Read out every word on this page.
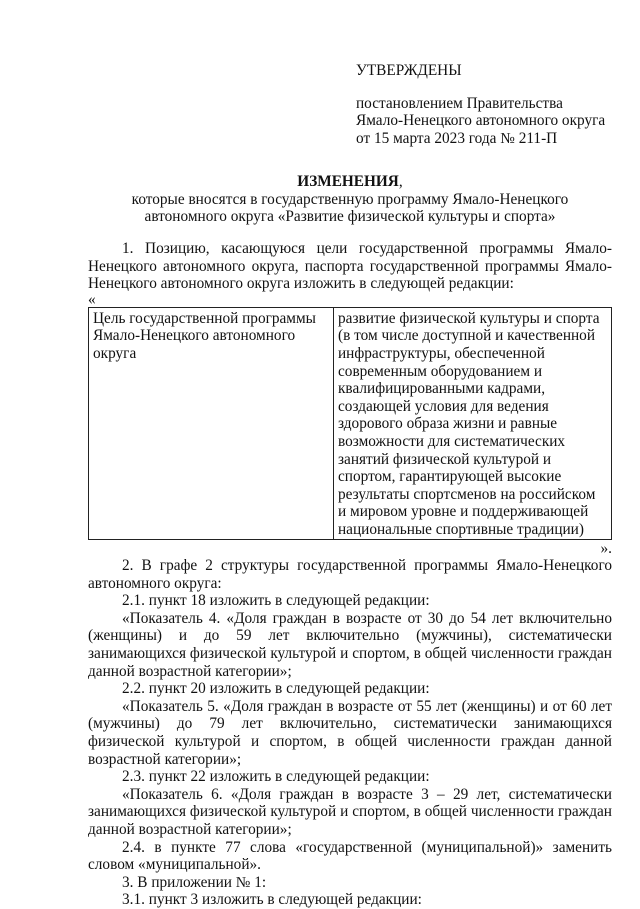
УТВЕРЖДЕНЫ
постановлением Правительства
Ямало-Ненецкого автономного округа
от 15 марта 2023 года № 211-П
ИЗМЕНЕНИЯ,
которые вносятся в государственную программу Ямало-Ненецкого
автономного округа «Развитие физической культуры и спорта»

1. Позицию, касающуюся цели государственной программы Ямало-Ненецкого автономного округа, паспорта государственной программы Ямало-Ненецкого автономного округа изложить в следующей редакции:

«

Цель государственной программы Ямало-Ненецкого автономного округа	развитие физической культуры и спорта (в том числе доступной и качественной инфраструктуры, обеспеченной современным оборудованием и квалифицированными кадрами, создающей условия для ведения здорового образа жизни и равные возможности для систематических занятий физической культурой и спортом, гарантирующей высокие результаты спортсменов на российском и мировом уровне и поддерживающей национальные спортивные традиции)

».

2. В графе 2 структуры государственной программы Ямало-Ненецкого автономного округа:

2.1. пункт 18 изложить в следующей редакции:

«Показатель 4. «Доля граждан в возрасте от 30 до 54 лет включительно (женщины) и до 59 лет включительно (мужчины), систематически занимающихся физической культурой и спортом, в общей численности граждан данной возрастной категории»;

2.2. пункт 20 изложить в следующей редакции:

«Показатель 5. «Доля граждан в возрасте от 55 лет (женщины) и от 60 лет (мужчины) до 79 лет включительно, систематически занимающихся физической культурой и спортом, в общей численности граждан данной возрастной категории»;

2.3. пункт 22 изложить в следующей редакции:

«Показатель 6. «Доля граждан в возрасте 3 – 29 лет, систематически занимающихся физической культурой и спортом, в общей численности граждан данной возрастной категории»;

2.4. в пункте 77 слова «государственной (муниципальной)» заменить словом «муниципальной».

3. В приложении № 1:

3.1. пункт 3 изложить в следующей редакции:
